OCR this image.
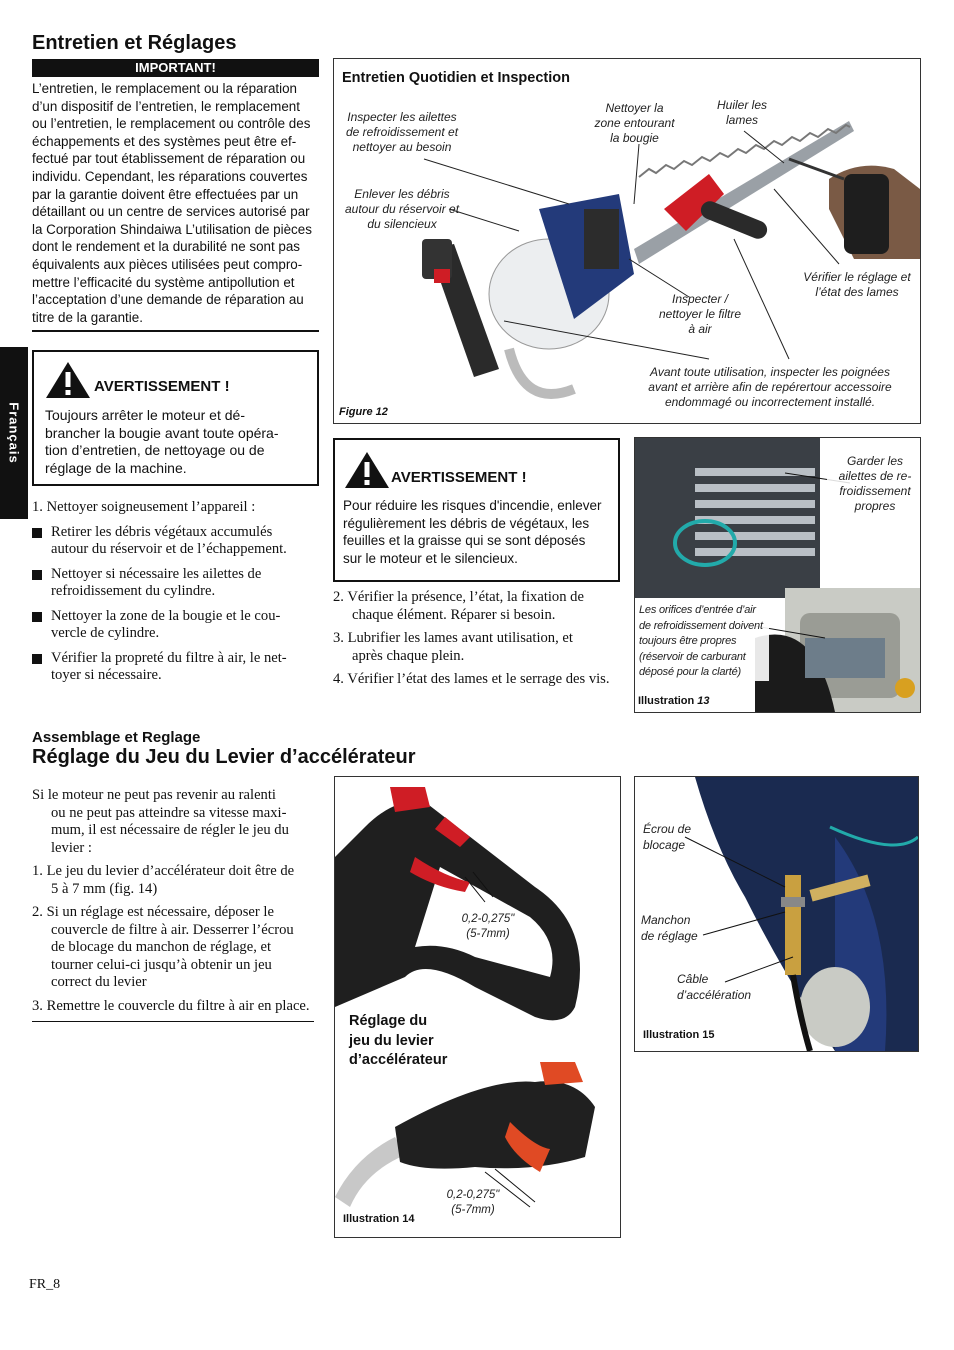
Entretien et Réglages
IMPORTANT!
L’entretien, le remplacement ou la réparation
d’un dispositif de l’entretien, le remplacement
ou l’entretien, le remplacement ou contrôle des
échappements et des systèmes peut être ef-
fectué par tout établissement de réparation ou
individu. Cependant, les réparations couvertes
par la garantie doivent être effectuées par un
détaillant ou un centre de services autorisé par
la Corporation Shindaiwa L’utilisation de pièces
dont le rendement et la durabilité ne sont pas
équivalents aux pièces utilisées peut compro-
mettre l’efficacité du système antipollution et
l’acceptation d’une demande de réparation au
titre de la garantie.
Français
AVERTISSEMENT !
Toujours arrêter le moteur et dé-
brancher la bougie avant toute opéra-
tion d’entretien, de nettoyage ou de
réglage de la machine.
1. Nettoyer soigneusement l’appareil :
Retirer les débris végétaux accumulés
autour du réservoir et de l’échappement.
Nettoyer si nécessaire les ailettes de
refroidissement du cylindre.
Nettoyer la zone de la bougie et le cou-
vercle de cylindre.
Vérifier la propreté du filtre à air, le net-
toyer si nécessaire.
Entretien Quotidien et Inspection
Inspecter les ailettes
de refroidissement et
nettoyer au besoin
Nettoyer la
zone entourant
la bougie
Huiler les
lames
Enlever les débris
autour du réservoir et
du silencieux
Vérifier le réglage et
l’état des lames
Inspecter /
nettoyer le filtre
à air
Avant toute utilisation, inspecter les poignées
avant et arrière afin de repérertour accessoire
endommagé ou incorrectement installé.
Figure 12
AVERTISSEMENT !
Pour réduire les risques d'incendie, enlever
régulièrement les débris de végétaux, les
feuilles et la graisse qui se sont déposés
sur le moteur et le silencieux.
2. Vérifier la présence, l’état, la fixation de
chaque élément. Réparer si besoin.
3. Lubrifier les lames avant utilisation, et
après chaque plein.
4. Vérifier l’état des lames et le serrage des vis.
Garder les
ailettes de re-
froidissement
propres
Les orifices d’entrée d’air
de refroidissement doivent
toujours être propres
(réservoir de carburant
déposé pour la clarté)
Illustration 13
Assemblage et Reglage
Réglage du Jeu du Levier d’accélérateur
Si le moteur ne peut pas revenir au ralenti
ou ne peut pas atteindre sa vitesse maxi-
mum, il est nécessaire de régler le jeu du
levier :
1. Le jeu du levier d’accélérateur doit être de
5 à 7 mm (fig. 14)
2. Si un réglage est nécessaire, déposer le
couvercle de filtre à air. Desserrer l’écrou
de blocage du manchon de réglage, et
tourner celui-ci jusqu’à obtenir un jeu
correct du levier
3. Remettre le couvercle du filtre à air en place.
0,2-0,275"
(5-7mm)
Réglage du
jeu du levier
d’accélérateur
0,2-0,275"
(5-7mm)
Illustration 14
Écrou de
blocage
Manchon
de réglage
Câble
d’accélération
Illustration 15
FR_8
